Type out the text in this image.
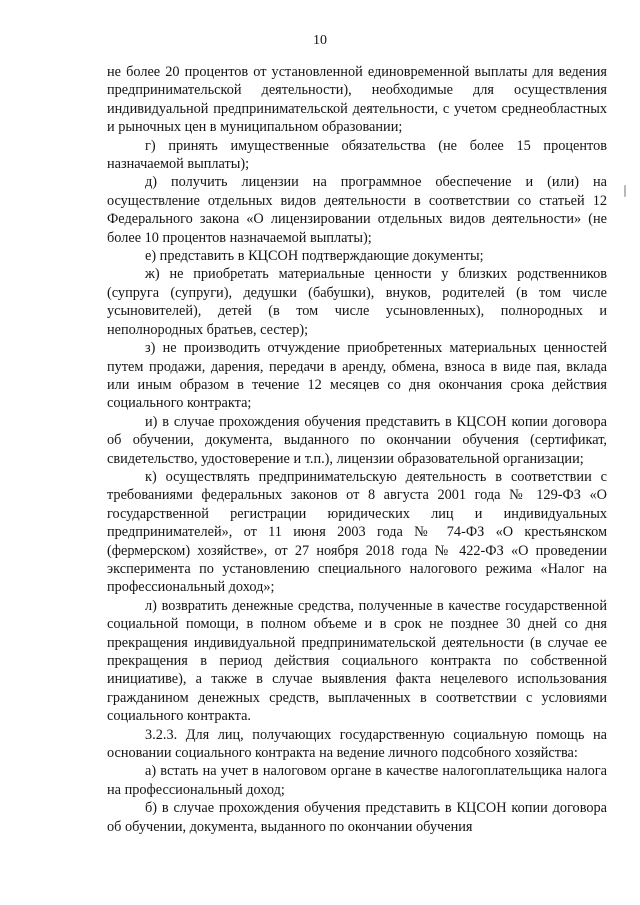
10

не более 20 процентов от установленной единовременной выплаты для ведения предпринимательской деятельности), необходимые для осуществления индивидуальной предпринимательской деятельности, с учетом среднеобластных и рыночных цен в муниципальном образовании;

г) принять имущественные обязательства (не более 15 процентов назначаемой выплаты);

д) получить лицензии на программное обеспечение и (или) на осуществление отдельных видов деятельности в соответствии со статьей 12 Федерального закона «О лицензировании отдельных видов деятельности» (не более 10 процентов назначаемой выплаты);

е) представить в КЦСОН подтверждающие документы;

ж) не приобретать материальные ценности у близких родственников (супруга (супруги), дедушки (бабушки), внуков, родителей (в том числе усыновителей), детей (в том числе усыновленных), полнородных и неполнородных братьев, сестер);

з) не производить отчуждение приобретенных материальных ценностей путем продажи, дарения, передачи в аренду, обмена, взноса в виде пая, вклада или иным образом в течение 12 месяцев со дня окончания срока действия социального контракта;

и) в случае прохождения обучения представить в КЦСОН копии договора об обучении, документа, выданного по окончании обучения (сертификат, свидетельство, удостоверение и т.п.), лицензии образовательной организации;

к) осуществлять предпринимательскую деятельность в соответствии с требованиями федеральных законов от 8 августа 2001 года № 129-ФЗ «О государственной регистрации юридических лиц и индивидуальных предпринимателей», от 11 июня 2003 года № 74-ФЗ «О крестьянском (фермерском) хозяйстве», от 27 ноября 2018 года № 422-ФЗ «О проведении эксперимента по установлению специального налогового режима «Налог на профессиональный доход»;

л) возвратить денежные средства, полученные в качестве государственной социальной помощи, в полном объеме и в срок не позднее 30 дней со дня прекращения индивидуальной предпринимательской деятельности (в случае ее прекращения в период действия социального контракта по собственной инициативе), а также в случае выявления факта нецелевого использования гражданином денежных средств, выплаченных в соответствии с условиями социального контракта.

3.2.3. Для лиц, получающих государственную социальную помощь на основании социального контракта на ведение личного подсобного хозяйства:

а) встать на учет в налоговом органе в качестве налогоплательщика налога на профессиональный доход;

б) в случае прохождения обучения представить в КЦСОН копии договора об обучении, документа, выданного по окончании обучения
